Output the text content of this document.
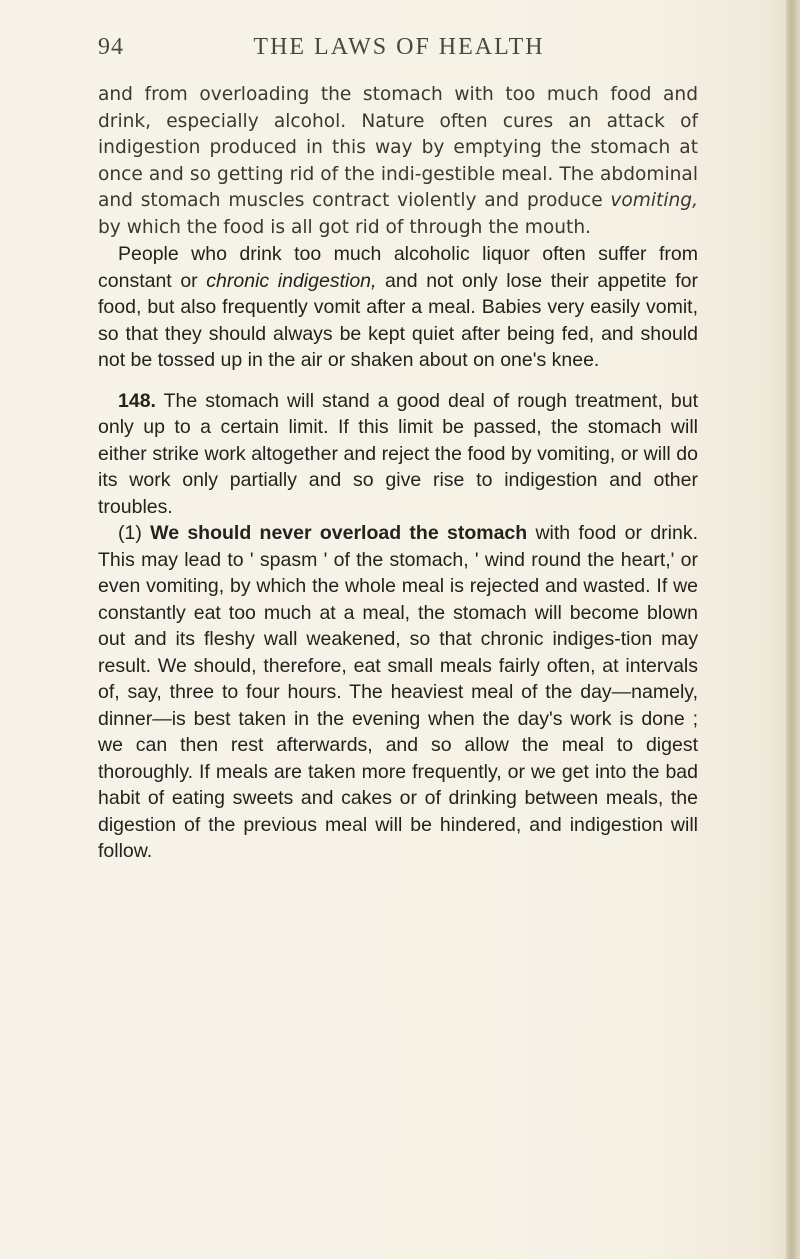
94	THE LAWS OF HEALTH

and from overloading the stomach with too much food and drink, especially alcohol. Nature often cures an attack of indigestion produced in this way by emptying the stomach at once and so getting rid of the indi-gestible meal. The abdominal and stomach muscles contract violently and produce vomiting, by which the food is all got rid of through the mouth.

People who drink too much alcoholic liquor often suffer from constant or chronic indigestion, and not only lose their appetite for food, but also frequently vomit after a meal. Babies very easily vomit, so that they should always be kept quiet after being fed, and should not be tossed up in the air or shaken about on one's knee.

148. The stomach will stand a good deal of rough treatment, but only up to a certain limit. If this limit be passed, the stomach will either strike work altogether and reject the food by vomiting, or will do its work only partially and so give rise to indigestion and other troubles.

(1) We should never overload the stomach with food or drink. This may lead to ' spasm ' of the stomach, ' wind round the heart,' or even vomiting, by which the whole meal is rejected and wasted. If we constantly eat too much at a meal, the stomach will become blown out and its fleshy wall weakened, so that chronic indiges-tion may result. We should, therefore, eat small meals fairly often, at intervals of, say, three to four hours. The heaviest meal of the day—namely, dinner—is best taken in the evening when the day's work is done ; we can then rest afterwards, and so allow the meal to digest thoroughly. If meals are taken more frequently, or we get into the bad habit of eating sweets and cakes or of drinking between meals, the digestion of the previous meal will be hindered, and indigestion will follow.
